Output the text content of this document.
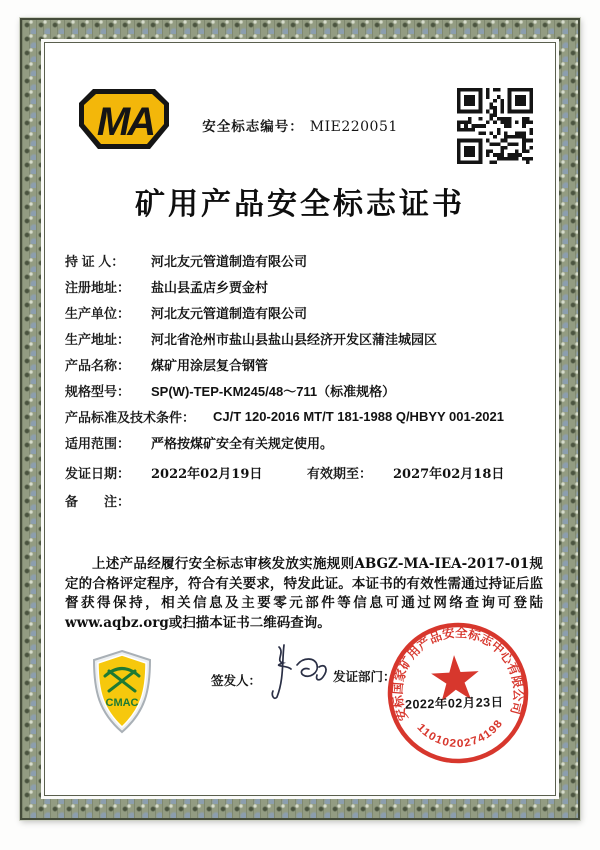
MA	安全标志编号： MIE220051
矿用产品安全标志证书
持 证 人：	河北友元管道制造有限公司
注册地址：	盐山县孟店乡贾金村
生产单位：	河北友元管道制造有限公司
生产地址：	河北省沧州市盐山县盐山县经济开发区蒲洼城园区
产品名称：	煤矿用涂层复合钢管
规格型号：	SP(W)-TEP-KM245/48～711（标准规格）
产品标准及技术条件： CJ/T 120-2016 MT/T 181-1988 Q/HBYY 001-2021
适用范围：	严格按煤矿安全有关规定使用。
发证日期：	2022年02月19日	有效期至：	2027年02月18日
备　　注：
上述产品经履行安全标志审核发放实施规则ABGZ-MA-IEA-2017-01规定的合格评定程序，符合有关要求，特发此证。本证书的有效性需通过持证后监督获得保持，相关信息及主要零元部件等信息可通过网络查询可登陆www.aqbz.org或扫描本证书二维码查询。
CMAC
签发人：	发证部门：
安标国家矿用产品安全标志中心有限公司
1101020274198
2022年02月23日
